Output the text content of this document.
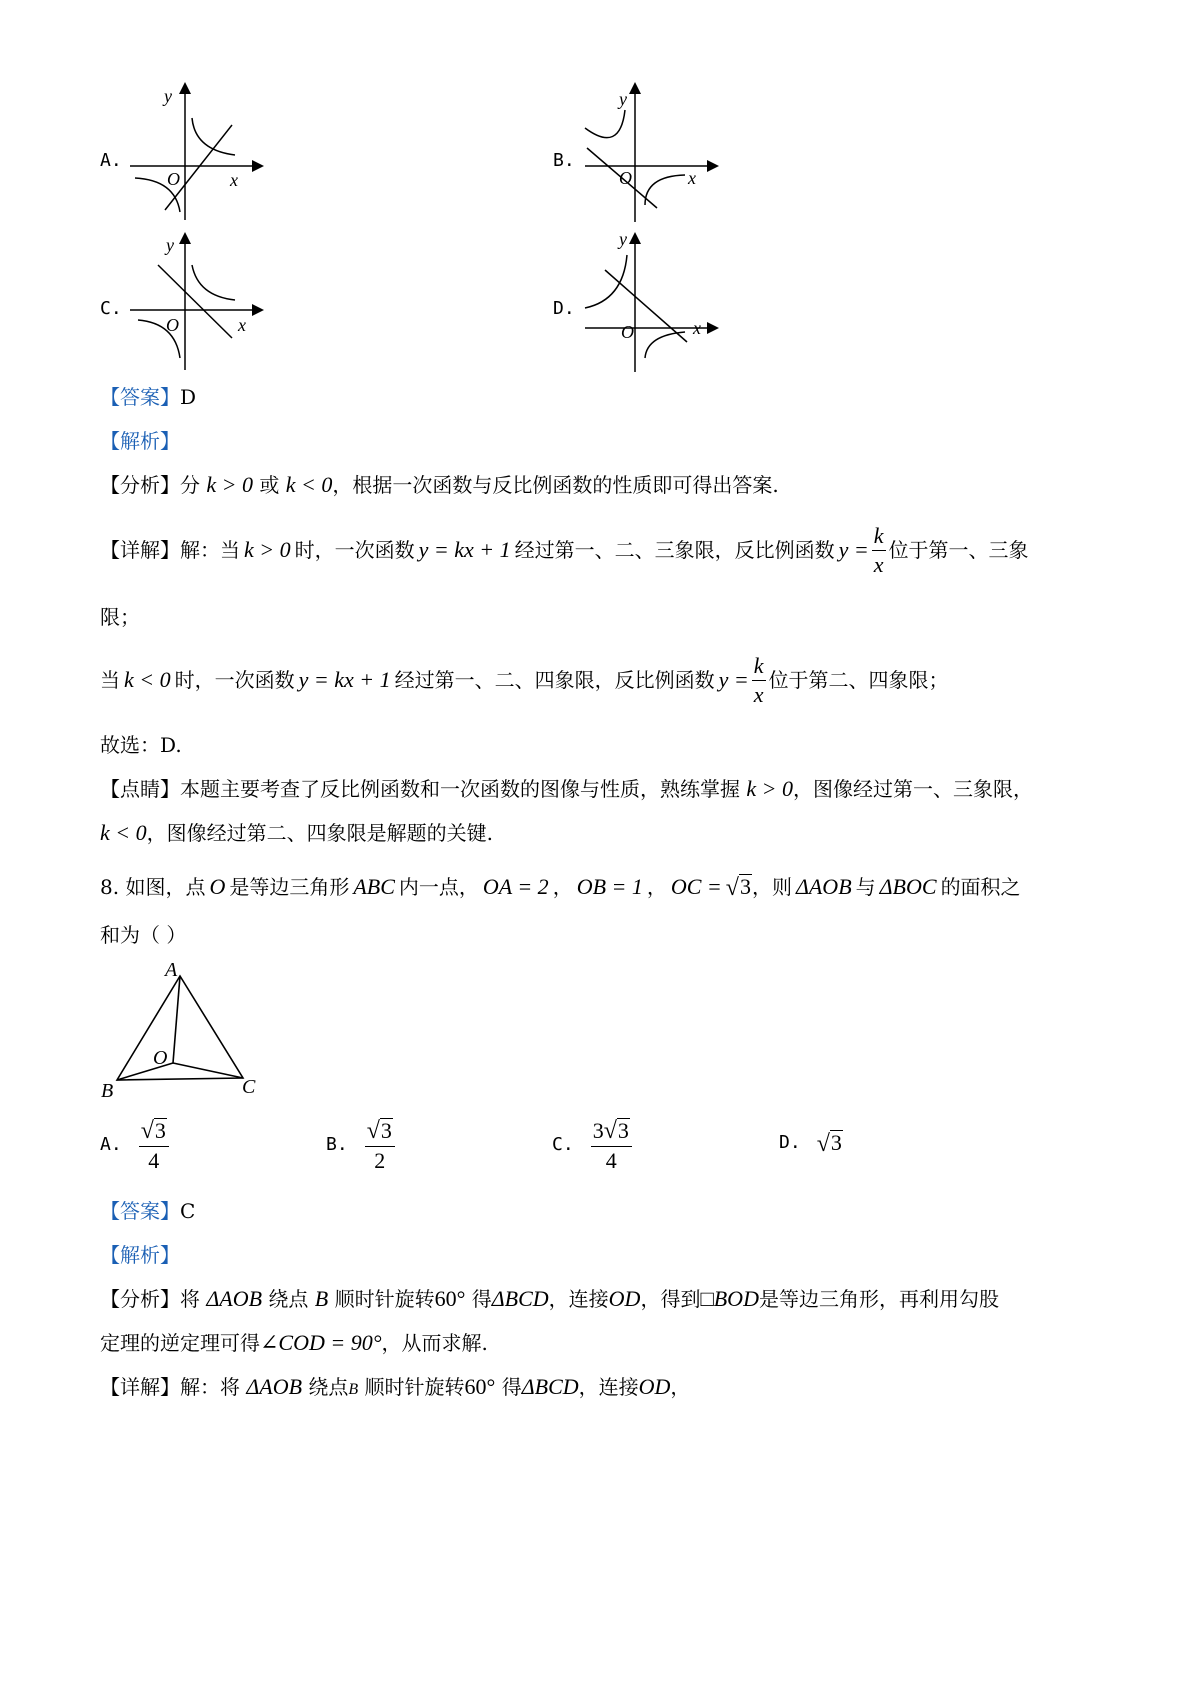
A.
y
x
O
B.
y
x
O
C.
y
x
O
D.
y
x
O
【答案】D
【解析】
【分析】分 k > 0 或 k < 0，根据一次函数与反比例函数的性质即可得出答案.
【详解】 解：当 k > 0 时，一次函数 y = kx + 1 经过第一、二、三象限，反比例函数 $y = \frac{k}{x}$ 位于第一、三象
限；
当 k < 0 时，一次函数 y = kx + 1 经过第一、二、四象限，反比例函数 $y = \frac{k}{x}$ 位于第二、四象限；
故选：D.
【点睛】本题主要考查了反比例函数和一次函数的图像与性质，熟练掌握 k > 0，图像经过第一、三象限，
k < 0，图像经过第二、四象限是解题的关键.
8. 如图，点 O 是等边三角形 ABC 内一点， OA = 2 ， OB = 1 ， OC = √ 3 ，则 ΔAOB 与 ΔBOC 的面积之
和为（ ）
A
B	C
O
A. $\frac{√ 3}{4}$	B. $\frac{√ 3}{2}$	C. $\frac{3 √ 3}{4}$	D. √ 3
【答案】C
【解析】
【分析】将 ΔAOB 绕点 B 顺时针旋转60° 得ΔBCD，连接OD，得到□BOD是等边三角形，再利用勾股
定理的逆定理可得∠COD = 90°，从而求解.
【详解】解：将 ΔAOB 绕点B 顺时针旋转60° 得ΔBCD，连接OD，
